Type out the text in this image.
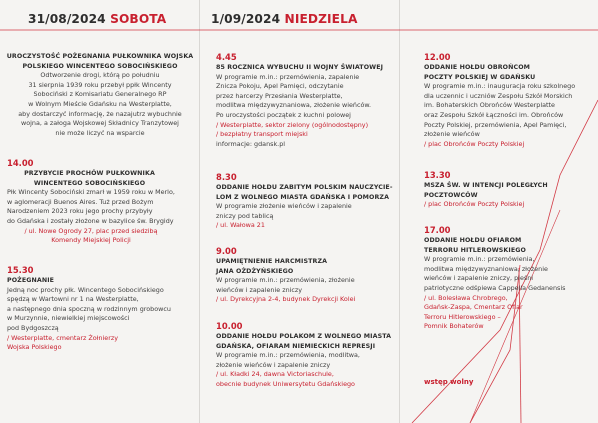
31/08/2024 SOBOTA
UROCZYSTOŚĆ POŻEGNANIA PUŁKOWNIKA WOJSKA
POLSKIEGO WINCENTEGO SOBOCIŃSKIEGO
Odtworzenie drogi, którą po południu
31 sierpnia 1939 roku przebył ppłk Wincenty
Sobociński z Komisariatu Generalnego RP
w Wolnym Mieście Gdańsku na Westerplatte,
aby dostarczyć informację, że nazajutrz wybuchnie
wojna, a załoga Wojskowej Składnicy Tranzytowej
nie może liczyć na wsparcie
14.00
PRZYBYCIE PROCHÓW PUŁKOWNIKA
WINCENTEGO SOBOCIŃSKIEGO
Płk Wincenty Sobociński zmarł w 1959 roku w Merlo,
w aglomeracji Buenos Aires. Tuż przed Bożym
Narodzeniem 2023 roku jego prochy przybyły
do Gdańska i zostały złożone w bazylice św. Brygidy
/ ul. Nowe Ogrody 27, plac przed siedzibą
Komendy Miejskiej Policji
15.30
POŻEGNANIE
Jedną noc prochy płk. Wincentego Sobocińskiego
spędzą w Wartowni nr 1 na Westerplatte,
a następnego dnia spoczną w rodzinnym grobowcu
w Murzynnie, niewielkiej miejscowości
pod Bydgoszczą
/ Westerplatte, cmentarz Żołnierzy
Wojska Polskiego
1/09/2024 NIEDZIELA
4.45
85 ROCZNICA WYBUCHU II WOJNY ŚWIATOWEJ
W programie m.in.: przemówienia, zapalenie
Znicza Pokoju, Apel Pamięci, odczytanie
przez harcerzy Przesłania Westerplatte,
modlitwa międzywyznaniowa, złożenie wieńców.
Po uroczystości początek z kuchni polowej
/ Westerplatte, sektor zielony (ogólnodostępny)
/ bezpłatny transport miejski
informacje: gdansk.pl
8.30
ODDANIE HOŁDU ZABITYM POLSKIM NAUCZYCIE-
LOM Z WOLNEGO MIASTA GDAŃSKA I POMORZA
W programie złożenie wieńców i zapalenie
zniczy pod tablicą
/ ul. Wałowa 21
9.00
UPAMIĘTNIENIE HARCMISTRZA
JANA OŻDŻYŃSKIEGO
W programie m.in.: przemówienia, złożenie
wieńców i zapalenie zniczy
/ ul. Dyrekcyjna 2-4, budynek Dyrekcji Kolei
10.00
ODDANIE HOŁDU POLAKOM Z WOLNEGO MIASTA
GDAŃSKA, OFIARAM NIEMIECKICH REPRESJI
W programie m.in.: przemówienia, modlitwa,
złożenie wieńców i zapalenie zniczy
/ ul. Kładki 24, dawna Victoriaschule,
obecnie budynek Uniwersytetu Gdańskiego
12.00
ODDANIE HOŁDU OBROŃCOM
POCZTY POLSKIEJ W GDAŃSKU
W programie m.in.: inauguracja roku szkolnego
dla uczennic i uczniów Zespołu Szkół Morskich
im. Bohaterskich Obrońców Westerplatte
oraz Zespołu Szkół Łączności im. Obrońców
Poczty Polskiej, przemówienia, Apel Pamięci,
złożenie wieńców
/ plac Obrońców Poczty Polskiej
13.30
MSZA ŚW. W INTENCJI POLEGŁYCH
POCZTOWCÓW
/ plac Obrońców Poczty Polskiej
17.00
ODDANIE HOŁDU OFIAROM
TERRORU HITLEROWSKIEGO
W programie m.in.: przemówienia,
modlitwa międzywyznaniowa, złożenie
wieńców i zapalenie zniczy, pieśni
patriotyczne odśpiewa Cappella Gedanensis
/ ul. Bolesława Chrobrego,
Gdańsk-Zaspa, Cmentarz Ofiar
Terroru Hitlerowskiego –
Pomnik Bohaterów
wstęp wolny
